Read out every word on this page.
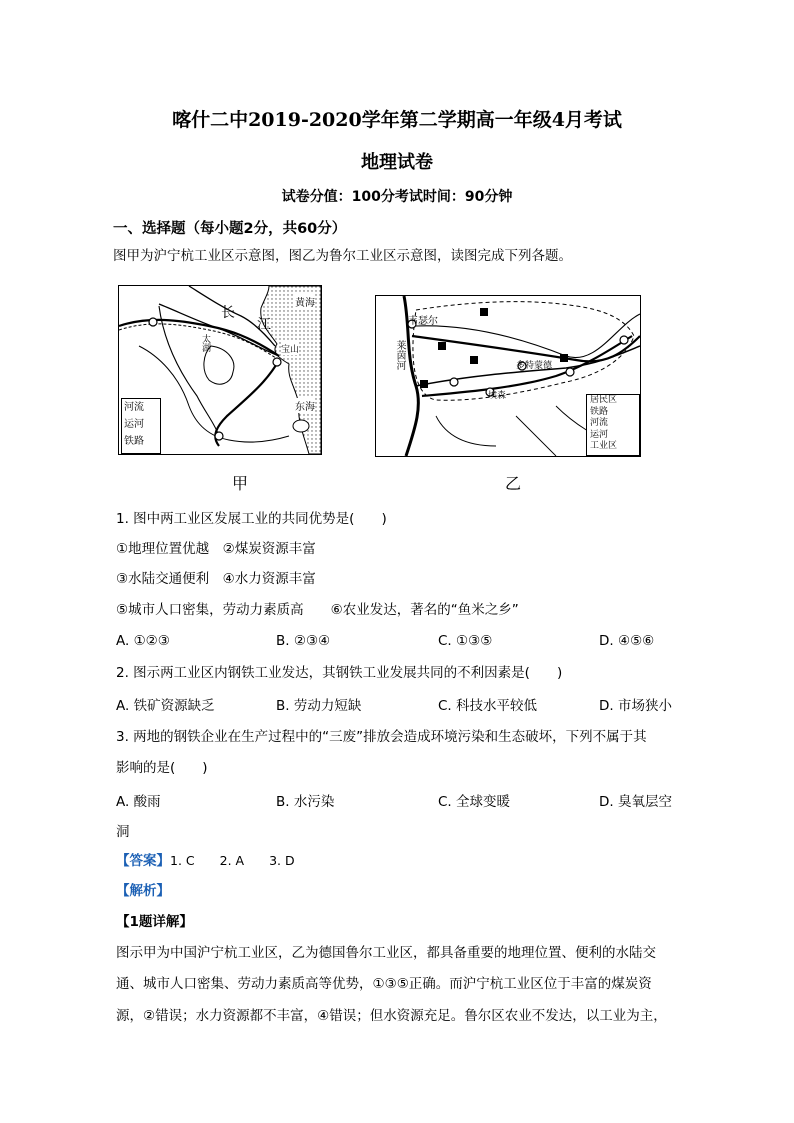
喀什二中2019-2020学年第二学期高一年级4月考试
地理试卷
试卷分值：100分考试时间：90分钟
一、选择题（每小题2分，共60分）
图甲为沪宁杭工业区示意图，图乙为鲁尔工业区示意图，读图完成下列各题。
长
江
黄海
东海
太湖	宝山
河流
运河
铁路
甲
韦瑟尔
莱茵河	多特蒙德
埃森	居民区
铁路
河流
运河
工业区
乙
1. 图中两工业区发展工业的共同优势是(　　)
①地理位置优越　②煤炭资源丰富
③水陆交通便利　④水力资源丰富
⑤城市人口密集，劳动力素质高　　⑥农业发达，著名的“鱼米之乡”
A. ①②③	B. ②③④	C. ①③⑤	D. ④⑤⑥
2. 图示两工业区内钢铁工业发达，其钢铁工业发展共同的不利因素是(　　)
A. 铁矿资源缺乏	B. 劳动力短缺	C. 科技水平较低	D. 市场狭小
3. 两地的钢铁企业在生产过程中的“三废”排放会造成环境污染和生态破坏，下列不属于其
影响的是(　　)
A. 酸雨	B. 水污染	C. 全球变暖	D. 臭氧层空
洞
【答案】1. C　　2. A　　3. D
【解析】
【1题详解】
图示甲为中国沪宁杭工业区，乙为德国鲁尔工业区，都具备重要的地理位置、便利的水陆交
通、城市人口密集、劳动力素质高等优势，①③⑤正确。而沪宁杭工业区位于丰富的煤炭资
源，②错误；水力资源都不丰富，④错误；但水资源充足。鲁尔区农业不发达，以工业为主，
